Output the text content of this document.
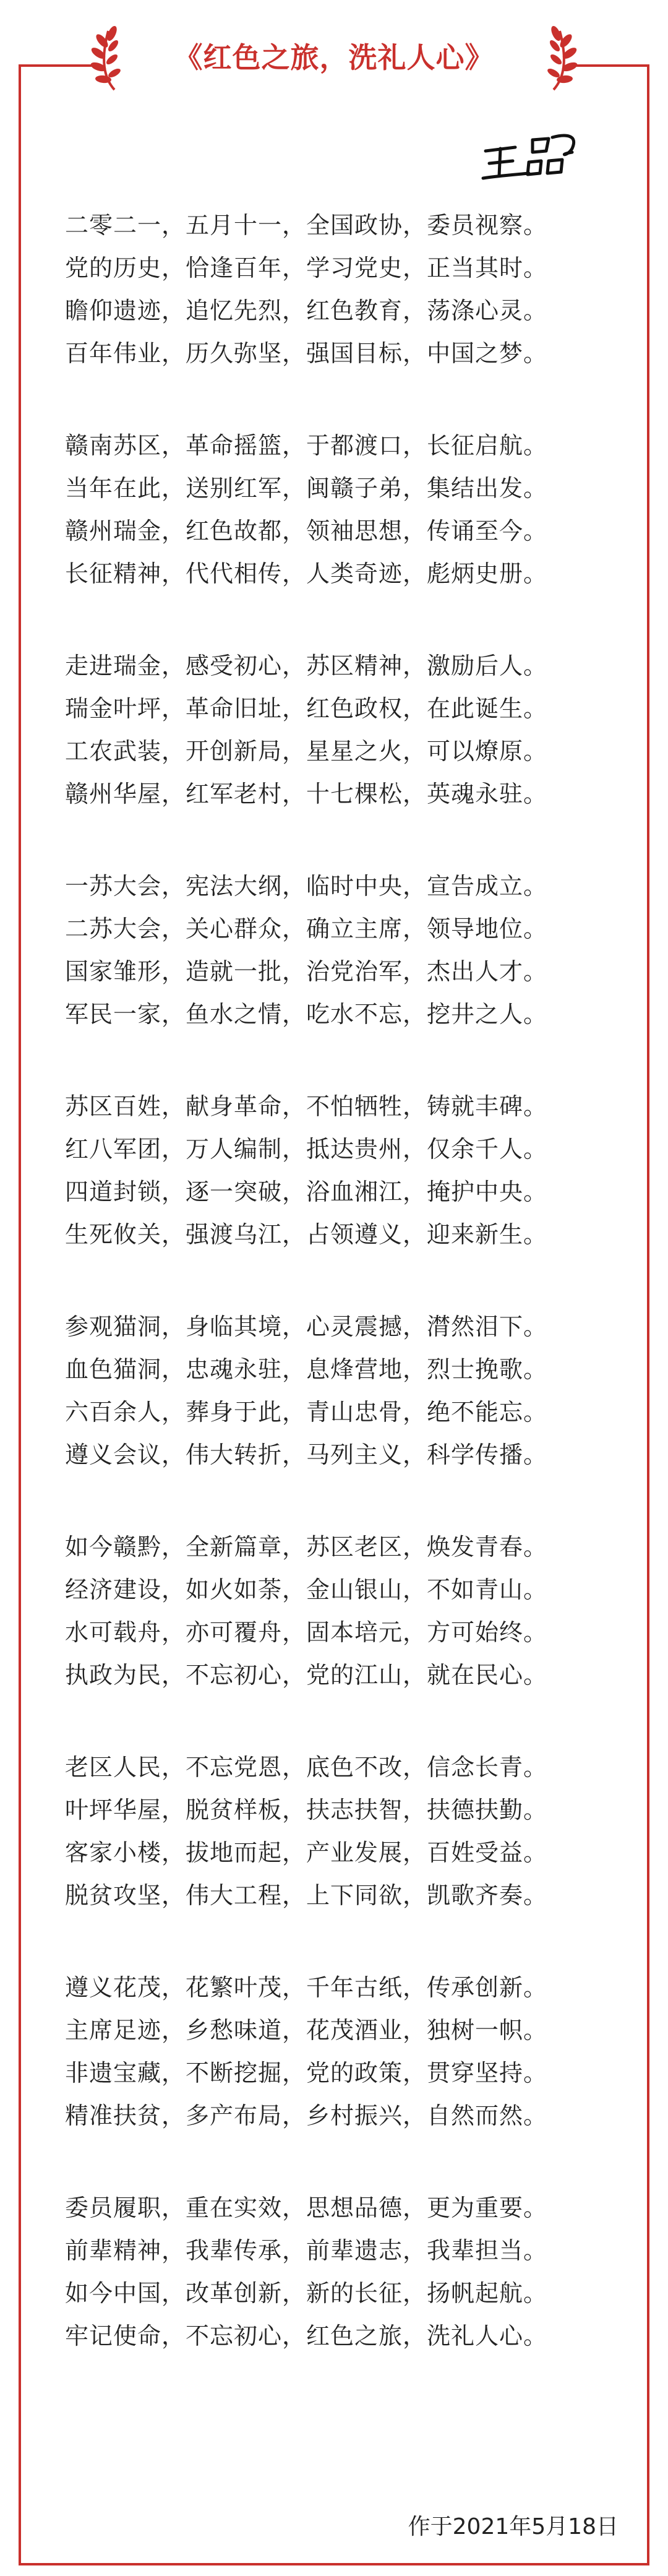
《红色之旅，洗礼人心》
二零二一，五月十一，全国政协，委员视察。
党的历史，恰逢百年，学习党史，正当其时。
瞻仰遗迹，追忆先烈，红色教育，荡涤心灵。
百年伟业，历久弥坚，强国目标，中国之梦。
赣南苏区，革命摇篮，于都渡口，长征启航。
当年在此，送别红军，闽赣子弟，集结出发。
赣州瑞金，红色故都，领袖思想，传诵至今。
长征精神，代代相传，人类奇迹，彪炳史册。
走进瑞金，感受初心，苏区精神，激励后人。
瑞金叶坪，革命旧址，红色政权，在此诞生。
工农武装，开创新局，星星之火，可以燎原。
赣州华屋，红军老村，十七棵松，英魂永驻。
一苏大会，宪法大纲，临时中央，宣告成立。
二苏大会，关心群众，确立主席，领导地位。
国家雏形，造就一批，治党治军，杰出人才。
军民一家，鱼水之情，吃水不忘，挖井之人。
苏区百姓，献身革命，不怕牺牲，铸就丰碑。
红八军团，万人编制，抵达贵州，仅余千人。
四道封锁，逐一突破，浴血湘江，掩护中央。
生死攸关，强渡乌江，占领遵义，迎来新生。
参观猫洞，身临其境，心灵震撼，潸然泪下。
血色猫洞，忠魂永驻，息烽营地，烈士挽歌。
六百余人，葬身于此，青山忠骨，绝不能忘。
遵义会议，伟大转折，马列主义，科学传播。
如今赣黔，全新篇章，苏区老区，焕发青春。
经济建设，如火如荼，金山银山，不如青山。
水可载舟，亦可覆舟，固本培元，方可始终。
执政为民，不忘初心，党的江山，就在民心。
老区人民，不忘党恩，底色不改，信念长青。
叶坪华屋，脱贫样板，扶志扶智，扶德扶勤。
客家小楼，拔地而起，产业发展，百姓受益。
脱贫攻坚，伟大工程，上下同欲，凯歌齐奏。
遵义花茂，花繁叶茂，千年古纸，传承创新。
主席足迹，乡愁味道，花茂酒业，独树一帜。
非遗宝藏，不断挖掘，党的政策，贯穿坚持。
精准扶贫，多产布局，乡村振兴，自然而然。
委员履职，重在实效，思想品德，更为重要。
前辈精神，我辈传承，前辈遗志，我辈担当。
如今中国，改革创新，新的长征，扬帆起航。
牢记使命，不忘初心，红色之旅，洗礼人心。
作于2021年5月18日
